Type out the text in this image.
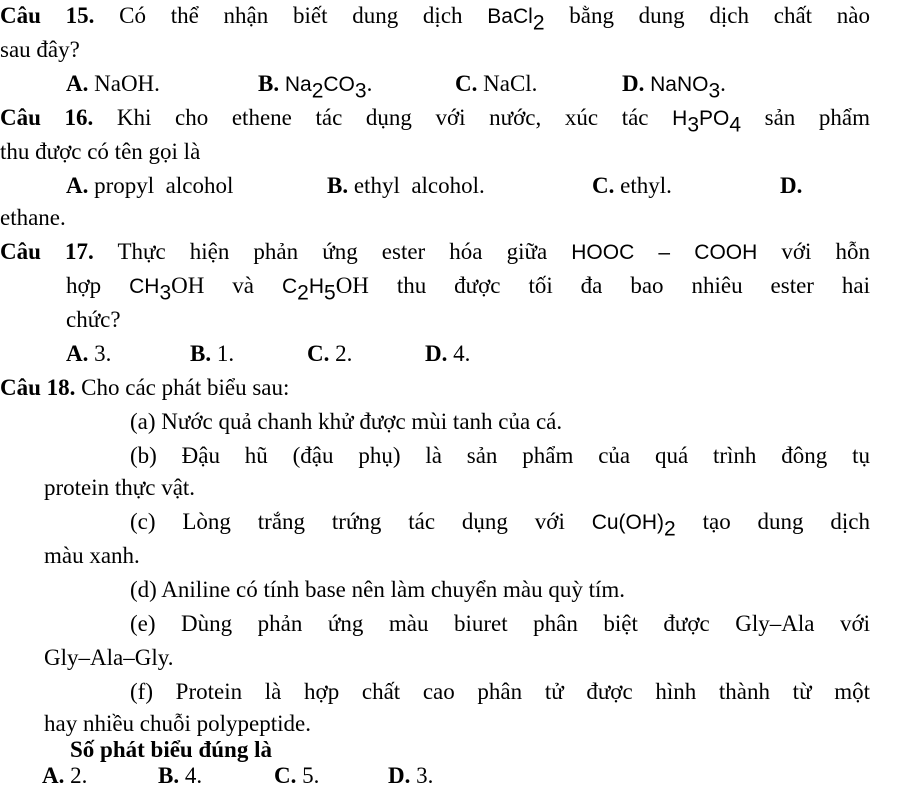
Câu 15. Có thể nhận biết dung dịch BaCl$_2$ bằng dung dịch chất nào
sau đây?
A. NaOH.	B. $Na_2CO_3$.	C. NaCl.	D. NaNO$_3$.
Câu 16. Khi cho ethene tác dụng với nước, xúc tác $H_3PO_4$ sản phẩm
thu được có tên gọi là
A. propyl  alcohol	B. ethyl  alcohol.	C. ethyl.	D.
ethane.
Câu 17. Thực hiện phản ứng ester hóa giữa HOOC – COOH với hỗn
hợp $CH_3OH$ và $C_2H_5OH$ thu được tối đa bao nhiêu ester hai
chức?
A. 3.	B. 1.	C. 2.	D. 4.
Câu 18. Cho các phát biểu sau:
(a) Nước quả chanh khử được mùi tanh của cá.
(b) Đậu hũ (đậu phụ) là sản phẩm của quá trình đông tụ
protein thực vật.
(c) Lòng trắng trứng tác dụng với $Cu(OH)_2$ tạo dung dịch
màu xanh.
(d) Aniline có tính base nên làm chuyển màu quỳ tím.
(e) Dùng phản ứng màu biuret phân biệt được Gly–Ala với
Gly–Ala–Gly.
(f) Protein là hợp chất cao phân tử được hình thành từ một
hay nhiều chuỗi polypeptide.
Số phát biểu đúng là
A. 2.	B. 4.	C. 5.	D. 3.
